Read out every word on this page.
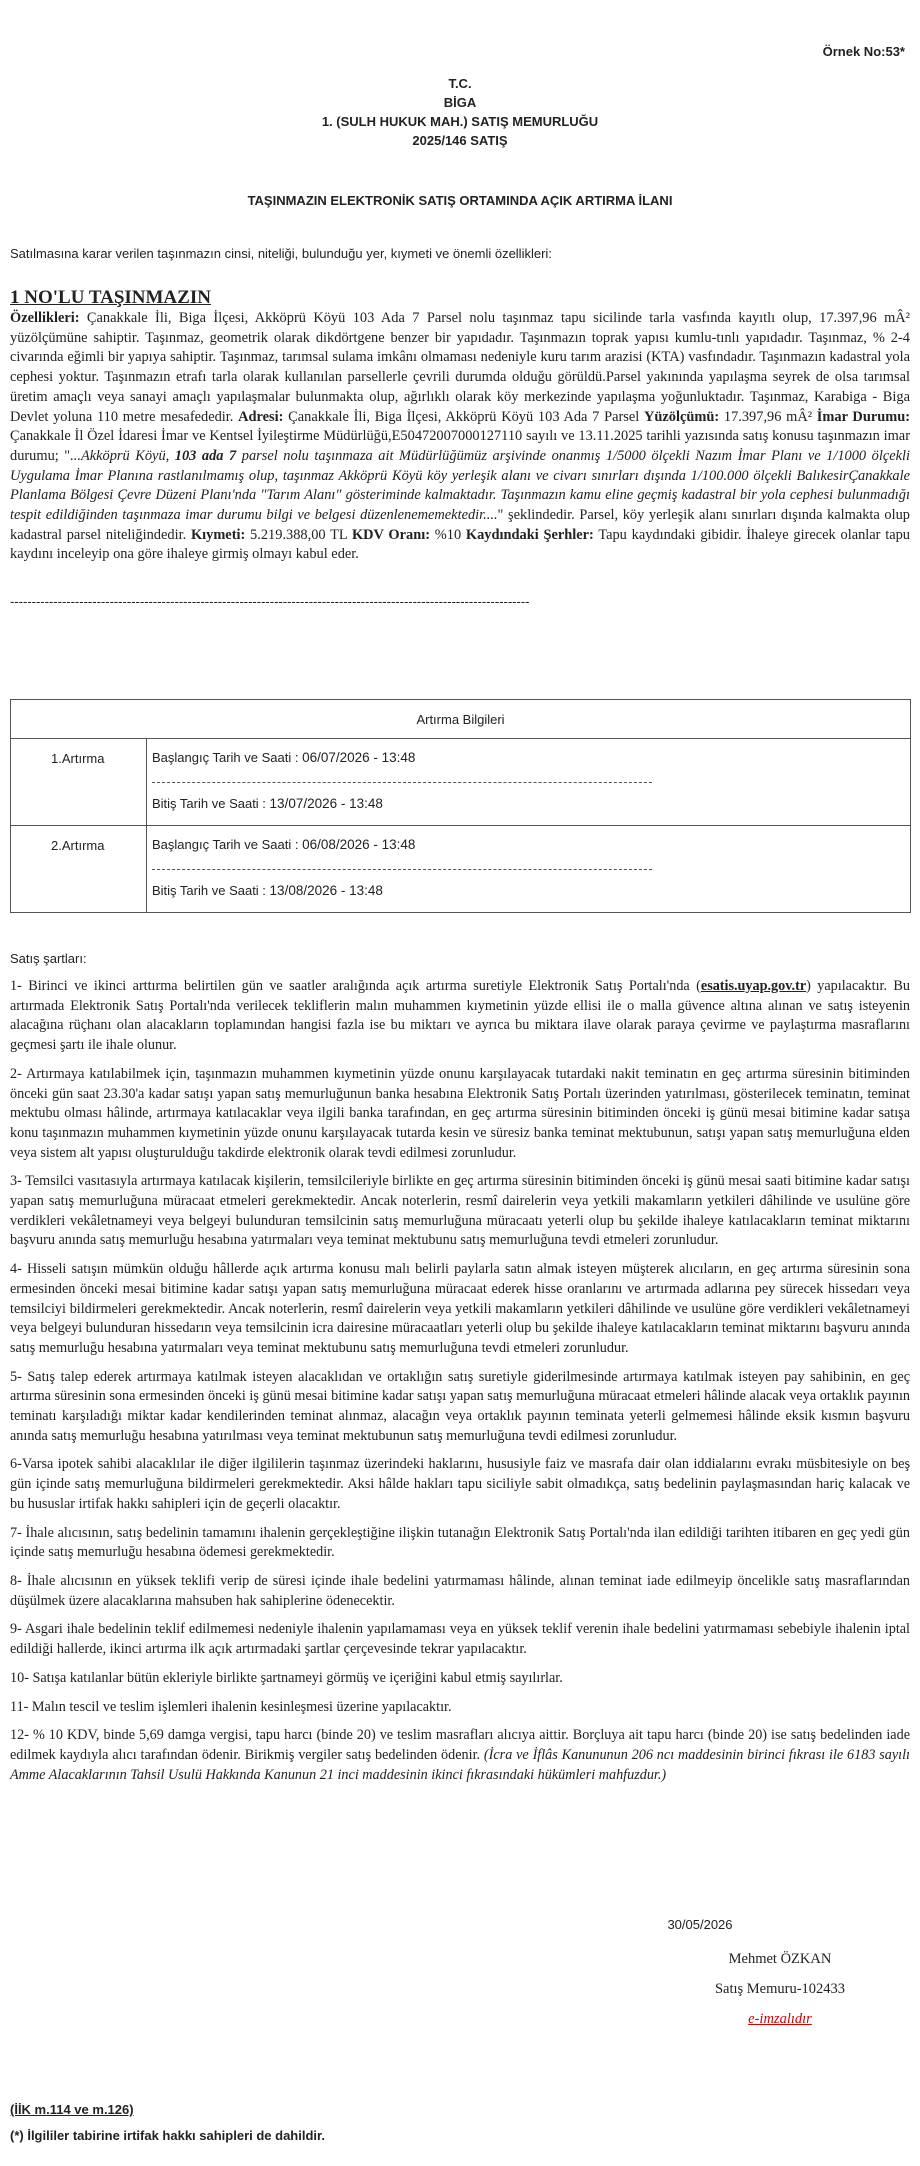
Örnek No:53*
T.C.
BİGA
1. (SULH HUKUK MAH.) SATIŞ MEMURLUĞU
2025/146 SATIŞ
TAŞINMAZIN ELEKTRONİK SATIŞ ORTAMINDA AÇIK ARTIRMA İLANI
Satılmasına karar verilen taşınmazın cinsi, niteliği, bulunduğu yer, kıymeti ve önemli özellikleri:
1 NO'LU TAŞINMAZIN
Özellikleri: Çanakkale İli, Biga İlçesi, Akköprü Köyü 103 Ada 7 Parsel nolu taşınmaz tapu sicilinde tarla vasfında kayıtlı olup, 17.397,96 mÂ² yüzölçümüne sahiptir. Taşınmaz, geometrik olarak dikdörtgene benzer bir yapıdadır. Taşınmazın toprak yapısı kumlu-tınlı yapıdadır. Taşınmaz, % 2-4 civarında eğimli bir yapıya sahiptir. Taşınmaz, tarımsal sulama imkânı olmaması nedeniyle kuru tarım arazisi (KTA) vasfındadır. Taşınmazın kadastral yola cephesi yoktur. Taşınmazın etrafı tarla olarak kullanılan parsellerle çevrili durumda olduğu görüldü.Parsel yakınında yapılaşma seyrek de olsa tarımsal üretim amaçlı veya sanayi amaçlı yapılaşmalar bulunmakta olup, ağırlıklı olarak köy merkezinde yapılaşma yoğunluktadır. Taşınmaz, Karabiga - Biga Devlet yoluna 110 metre mesafededir. Adresi: Çanakkale İli, Biga İlçesi, Akköprü Köyü 103 Ada 7 Parsel Yüzölçümü: 17.397,96 mÂ² İmar Durumu: Çanakkale İl Özel İdaresi İmar ve Kentsel İyileştirme Müdürlüğü,E50472007000127110 sayılı ve 13.11.2025 tarihli yazısında satış konusu taşınmazın imar durumu; "...Akköprü Köyü, 103 ada 7 parsel nolu taşınmaza ait Müdürlüğümüz arşivinde onanmış 1/5000 ölçekli Nazım İmar Planı ve 1/1000 ölçekli Uygulama İmar Planına rastlanılmamış olup, taşınmaz Akköprü Köyü köy yerleşik alanı ve civarı sınırları dışında 1/100.000 ölçekli BalıkesirÇanakkale Planlama Bölgesi Çevre Düzeni Planı'nda "Tarım Alanı" gösteriminde kalmaktadır. Taşınmazın kamu eline geçmiş kadastral bir yola cephesi bulunmadığı tespit edildiğinden taşınmaza imar durumu bilgi ve belgesi düzenlenememektedir...." şeklindedir. Parsel, köy yerleşik alanı sınırları dışında kalmakta olup kadastral parsel niteliğindedir. Kıymeti: 5.219.388,00 TL KDV Oranı: %10 Kaydındaki Şerhler: Tapu kaydındaki gibidir. İhaleye girecek olanlar tapu kaydını inceleyip ona göre ihaleye girmiş olmayı kabul eder.
------------------------------------------------------------------------------------------------------------------------
Artırma Bilgileri	
1.Artırma	Başlangıç Tarih ve Saati : 06/07/2026 - 13:48
Bitiş Tarih ve Saati : 13/07/2026 - 13:48

2.Artırma	Başlangıç Tarih ve Saati : 06/08/2026 - 13:48
Bitiş Tarih ve Saati : 13/08/2026 - 13:48
Satış şartları:

1- Birinci ve ikinci arttırma belirtilen gün ve saatler aralığında açık artırma suretiyle Elektronik Satış Portalı'nda (esatis.uyap.gov.tr) yapılacaktır. Bu artırmada Elektronik Satış Portalı'nda verilecek tekliflerin malın muhammen kıymetinin yüzde ellisi ile o malla güvence altına alınan ve satış isteyenin alacağına rüçhanı olan alacakların toplamından hangisi fazla ise bu miktarı ve ayrıca bu miktara ilave olarak paraya çevirme ve paylaştırma masraflarını geçmesi şartı ile ihale olunur.

2- Artırmaya katılabilmek için, taşınmazın muhammen kıymetinin yüzde onunu karşılayacak tutardaki nakit teminatın en geç artırma süresinin bitiminden önceki gün saat 23.30'a kadar satışı yapan satış memurluğunun banka hesabına Elektronik Satış Portalı üzerinden yatırılması, gösterilecek teminatın, teminat mektubu olması hâlinde, artırmaya katılacaklar veya ilgili banka tarafından, en geç artırma süresinin bitiminden önceki iş günü mesai bitimine kadar satışa konu taşınmazın muhammen kıymetinin yüzde onunu karşılayacak tutarda kesin ve süresiz banka teminat mektubunun, satışı yapan satış memurluğuna elden veya sistem alt yapısı oluşturulduğu takdirde elektronik olarak tevdi edilmesi zorunludur.

3- Temsilci vasıtasıyla artırmaya katılacak kişilerin, temsilcileriyle birlikte en geç artırma süresinin bitiminden önceki iş günü mesai saati bitimine kadar satışı yapan satış memurluğuna müracaat etmeleri gerekmektedir. Ancak noterlerin, resmî dairelerin veya yetkili makamların yetkileri dâhilinde ve usulüne göre verdikleri vekâletnameyi veya belgeyi bulunduran temsilcinin satış memurluğuna müracaatı yeterli olup bu şekilde ihaleye katılacakların teminat miktarını başvuru anında satış memurluğu hesabına yatırmaları veya teminat mektubunu satış memurluğuna tevdi etmeleri zorunludur.

4- Hisseli satışın mümkün olduğu hâllerde açık artırma konusu malı belirli paylarla satın almak isteyen müşterek alıcıların, en geç artırma süresinin sona ermesinden önceki mesai bitimine kadar satışı yapan satış memurluğuna müracaat ederek hisse oranlarını ve artırmada adlarına pey sürecek hissedarı veya temsilciyi bildirmeleri gerekmektedir. Ancak noterlerin, resmî dairelerin veya yetkili makamların yetkileri dâhilinde ve usulüne göre verdikleri vekâletnameyi veya belgeyi bulunduran hissedarın veya temsilcinin icra dairesine müracaatları yeterli olup bu şekilde ihaleye katılacakların teminat miktarını başvuru anında satış memurluğu hesabına yatırmaları veya teminat mektubunu satış memurluğuna tevdi etmeleri zorunludur.

5- Satış talep ederek artırmaya katılmak isteyen alacaklıdan ve ortaklığın satış suretiyle giderilmesinde artırmaya katılmak isteyen pay sahibinin, en geç artırma süresinin sona ermesinden önceki iş günü mesai bitimine kadar satışı yapan satış memurluğuna müracaat etmeleri hâlinde alacak veya ortaklık payının teminatı karşıladığı miktar kadar kendilerinden teminat alınmaz, alacağın veya ortaklık payının teminata yeterli gelmemesi hâlinde eksik kısmın başvuru anında satış memurluğu hesabına yatırılması veya teminat mektubunun satış memurluğuna tevdi edilmesi zorunludur.

6-Varsa ipotek sahibi alacaklılar ile diğer ilgililerin taşınmaz üzerindeki haklarını, hususiyle faiz ve masrafa dair olan iddialarını evrakı müsbitesiyle on beş gün içinde satış memurluğuna bildirmeleri gerekmektedir. Aksi hâlde hakları tapu siciliyle sabit olmadıkça, satış bedelinin paylaşmasından hariç kalacak ve bu hususlar irtifak hakkı sahipleri için de geçerli olacaktır.

7- İhale alıcısının, satış bedelinin tamamını ihalenin gerçekleştiğine ilişkin tutanağın Elektronik Satış Portalı'nda ilan edildiği tarihten itibaren en geç yedi gün içinde satış memurluğu hesabına ödemesi gerekmektedir.

8- İhale alıcısının en yüksek teklifi verip de süresi içinde ihale bedelini yatırmaması hâlinde, alınan teminat iade edilmeyip öncelikle satış masraflarından düşülmek üzere alacaklarına mahsuben hak sahiplerine ödenecektir.

9- Asgari ihale bedelinin teklif edilmemesi nedeniyle ihalenin yapılamaması veya en yüksek teklif verenin ihale bedelini yatırmaması sebebiyle ihalenin iptal edildiği hallerde, ikinci artırma ilk açık artırmadaki şartlar çerçevesinde tekrar yapılacaktır.

10- Satışa katılanlar bütün ekleriyle birlikte şartnameyi görmüş ve içeriğini kabul etmiş sayılırlar.

11- Malın tescil ve teslim işlemleri ihalenin kesinleşmesi üzerine yapılacaktır.

12- % 10 KDV, binde 5,69 damga vergisi, tapu harcı (binde 20) ve teslim masrafları alıcıya aittir. Borçluya ait tapu harcı (binde 20) ise satış bedelinden iade edilmek kaydıyla alıcı tarafından ödenir. Birikmiş vergiler satış bedelinden ödenir. (İcra ve İflâs Kanununun 206 ncı maddesinin birinci fıkrası ile 6183 sayılı Amme Alacaklarının Tahsil Usulü Hakkında Kanunun 21 inci maddesinin ikinci fıkrasındaki hükümleri mahfuzdur.)

30/05/2026
Mehmet ÖZKAN
Satış Memuru-102433
e-imzalıdır
(İİK m.114 ve m.126)
(*) İlgililer tabirine irtifak hakkı sahipleri de dahildir.
